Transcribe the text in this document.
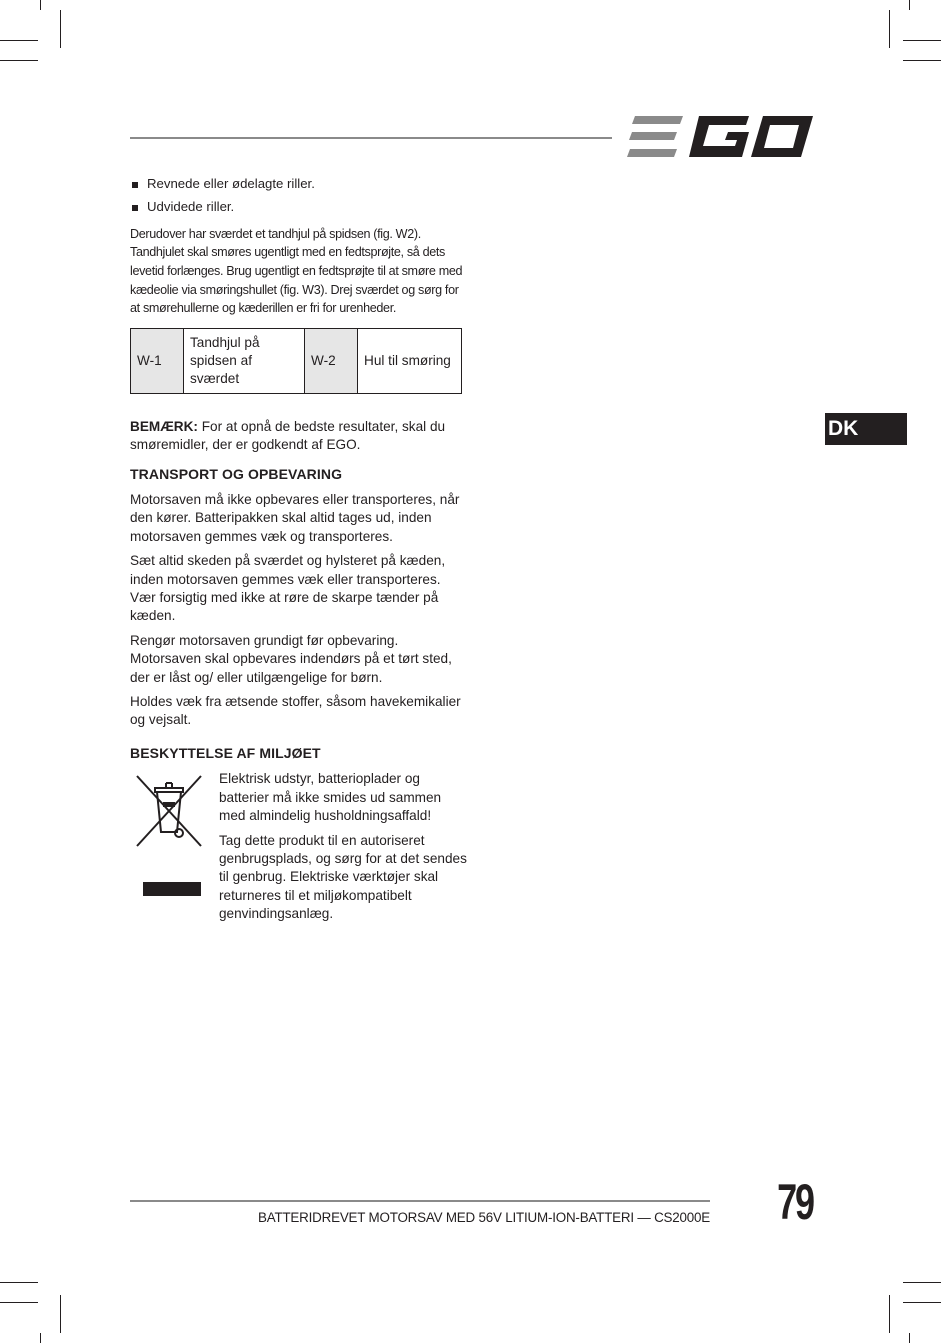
Revnede eller ødelagte riller.
Udvidede riller.

Derudover har sværdet et tandhjul på spidsen (fig. W2). Tandhjulet skal smøres ugentligt med en fedtsprøjte, så dets levetid forlænges. Brug ugentligt en fedtsprøjte til at smøre med kædeolie via smøringshullet (fig. W3). Drej sværdet og sørg for at smørehullerne og kæderillen er fri for urenheder.

W-1	Tandhjul på spidsen af sværdet	W-2	Hul til smøring

BEMÆRK: For at opnå de bedste resultater, skal du smøremidler, der er godkendt af EGO.

TRANSPORT OG OPBEVARING

Motorsaven må ikke opbevares eller transporteres, når den kører. Batteripakken skal altid tages ud, inden motorsaven gemmes væk og transporteres.

Sæt altid skeden på sværdet og hylsteret på kæden, inden motorsaven gemmes væk eller transporteres. Vær forsigtig med ikke at røre de skarpe tænder på kæden.

Rengør motorsaven grundigt før opbevaring. Motorsaven skal opbevares indendørs på et tørt sted, der er låst og/ eller utilgængelige for børn.

Holdes væk fra ætsende stoffer, såsom havekemikalier og vejsalt.

BESKYTTELSE AF MILJØET

Elektrisk udstyr, batterioplader og batterier må ikke smides ud sammen med almindelig husholdningsaffald!

Tag dette produkt til en autoriseret genbrugsplads, og sørg for at det sendes til genbrug. Elektriske værktøjer skal returneres til et miljøkompatibelt genvindingsanlæg.

DK
BATTERIDREVET MOTORSAV MED 56V LITIUM-ION-BATTERI — CS2000E 79
